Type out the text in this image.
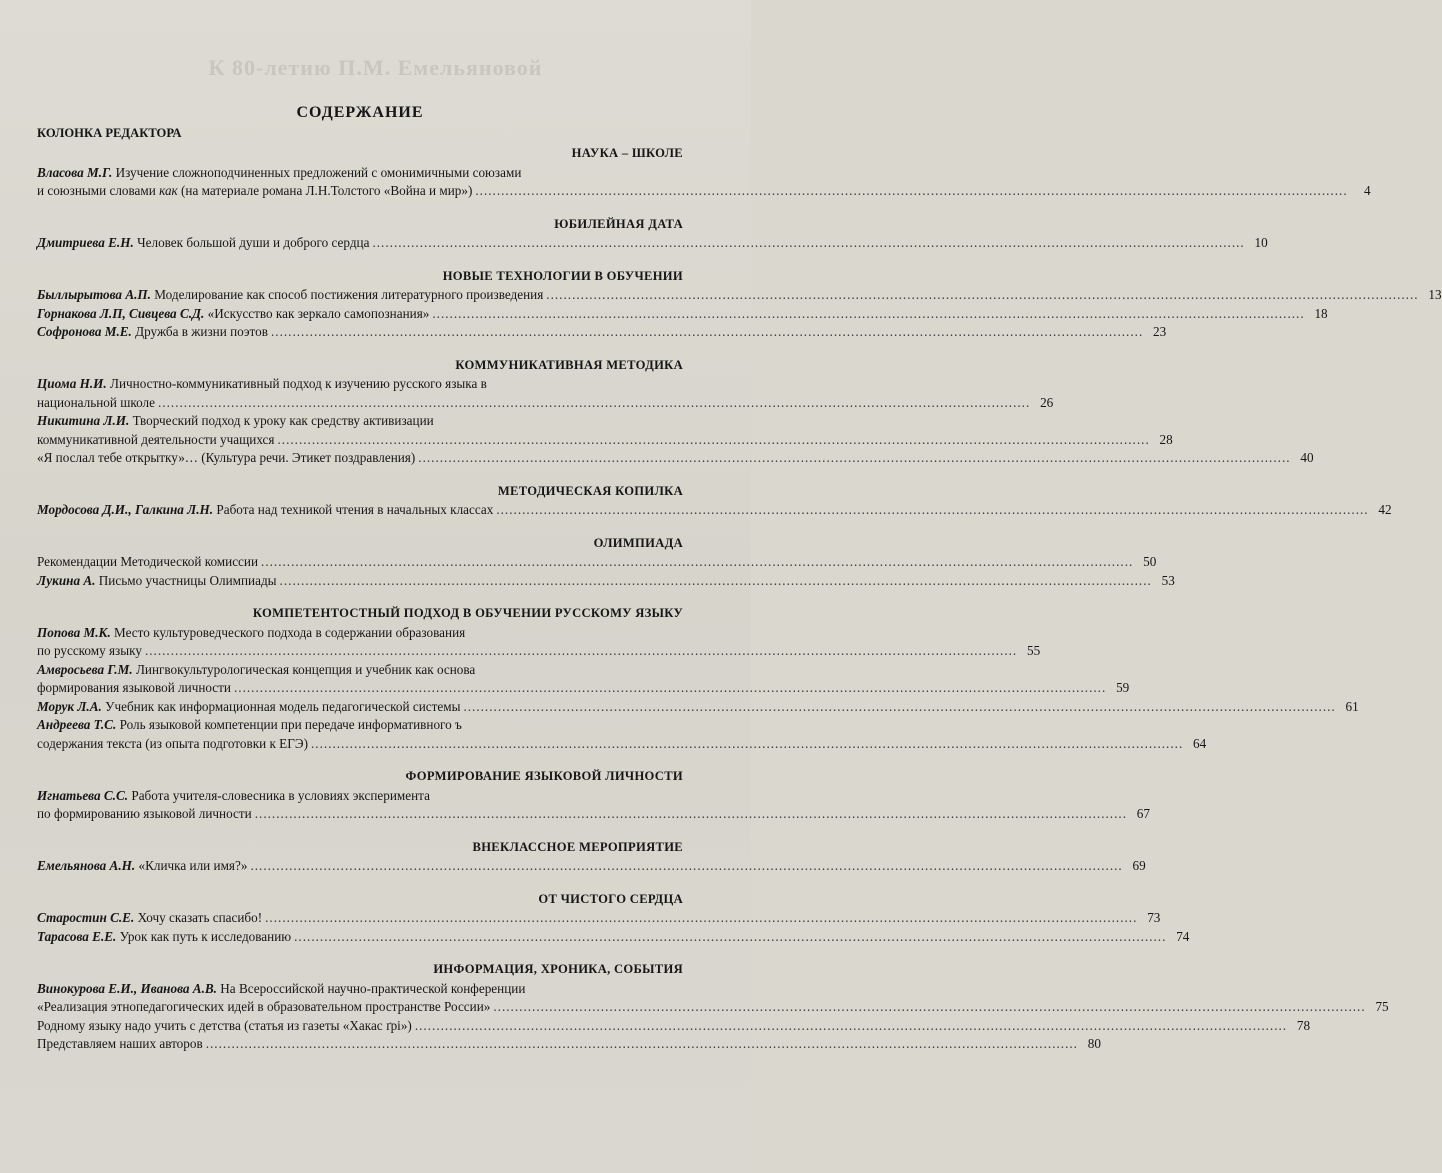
К 80-летию П.М. Емельяновой
СОДЕРЖАНИЕ
КОЛОНКА РЕДАКТОРА
НАУКА – ШКОЛЕ
Власова М.Г. Изучение сложноподчиненных предложений с омонимичными союзами
и союзными словами как (на материале романа Л.Н.Толстого «Война и мир») .....	4
ЮБИЛЕЙНАЯ ДАТА
Дмитриева Е.Н. Человек большой души и доброго сердца .....	10
НОВЫЕ ТЕХНОЛОГИИ В ОБУЧЕНИИ
Быллырытова А.П. Моделирование как способ постижения литературного произведения .....	13
Горнакова Л.П, Сивцева С.Д. «Искусство как зеркало самопознания» .....	18
Софронова М.Е. Дружба в жизни поэтов .....	23
КОММУНИКАТИВНАЯ МЕТОДИКА
Циома Н.И. Личностно-коммуникативный подход к изучению русского языка в
национальной школе .....	26
Никитина Л.И. Творческий подход к уроку как средству активизации
коммуникативной деятельности учащихся .....	28
«Я послал тебе открытку»… (Культура речи. Этикет поздравления) .....	40
МЕТОДИЧЕСКАЯ КОПИЛКА
Мордосова Д.И., Галкина Л.Н. Работа над техникой чтения в начальных классах .....	42
ОЛИМПИАДА
Рекомендации Методической комиссии .....	50
Лукина А. Письмо участницы Олимпиады .....	53
КОМПЕТЕНТОСТНЫЙ ПОДХОД В ОБУЧЕНИИ РУССКОМУ ЯЗЫКУ
Попова М.К. Место культуроведческого подхода в содержании образования
по русскому языку .....	55
Амвросьева Г.М. Лингвокультурологическая концепция и учебник как основа
формирования языковой личности .....	59
Морук Л.А. Учебник как информационная модель педагогической системы .....	61
Андреева Т.С. Роль языковой компетенции при передаче информативного ъ
содержания текста (из опыта подготовки к ЕГЭ) .....	64
ФОРМИРОВАНИЕ ЯЗЫКОВОЙ ЛИЧНОСТИ
Игнатьева С.С. Работа учителя-словесника в условиях эксперимента
по формированию языковой личности .....	67
ВНЕКЛАССНОЕ МЕРОПРИЯТИЕ
Емельянова А.Н. «Кличка или имя?» .....	69
ОТ ЧИСТОГО СЕРДЦА
Старостин С.Е. Хочу сказать спасибо! .....	73
Тарасова Е.Е. Урок как путь к исследованию .....	74
ИНФОРМАЦИЯ, ХРОНИКА, СОБЫТИЯ
Винокурова Е.И., Иванова А.В. На Всероссийской научно-практической конференции
«Реализация этнопедагогических идей в образовательном пространстве России» .....	75
Родному языку надо учить с детства (статья из газеты «Хакас ґрі») .....	78
Представляем наших авторов .....	80
